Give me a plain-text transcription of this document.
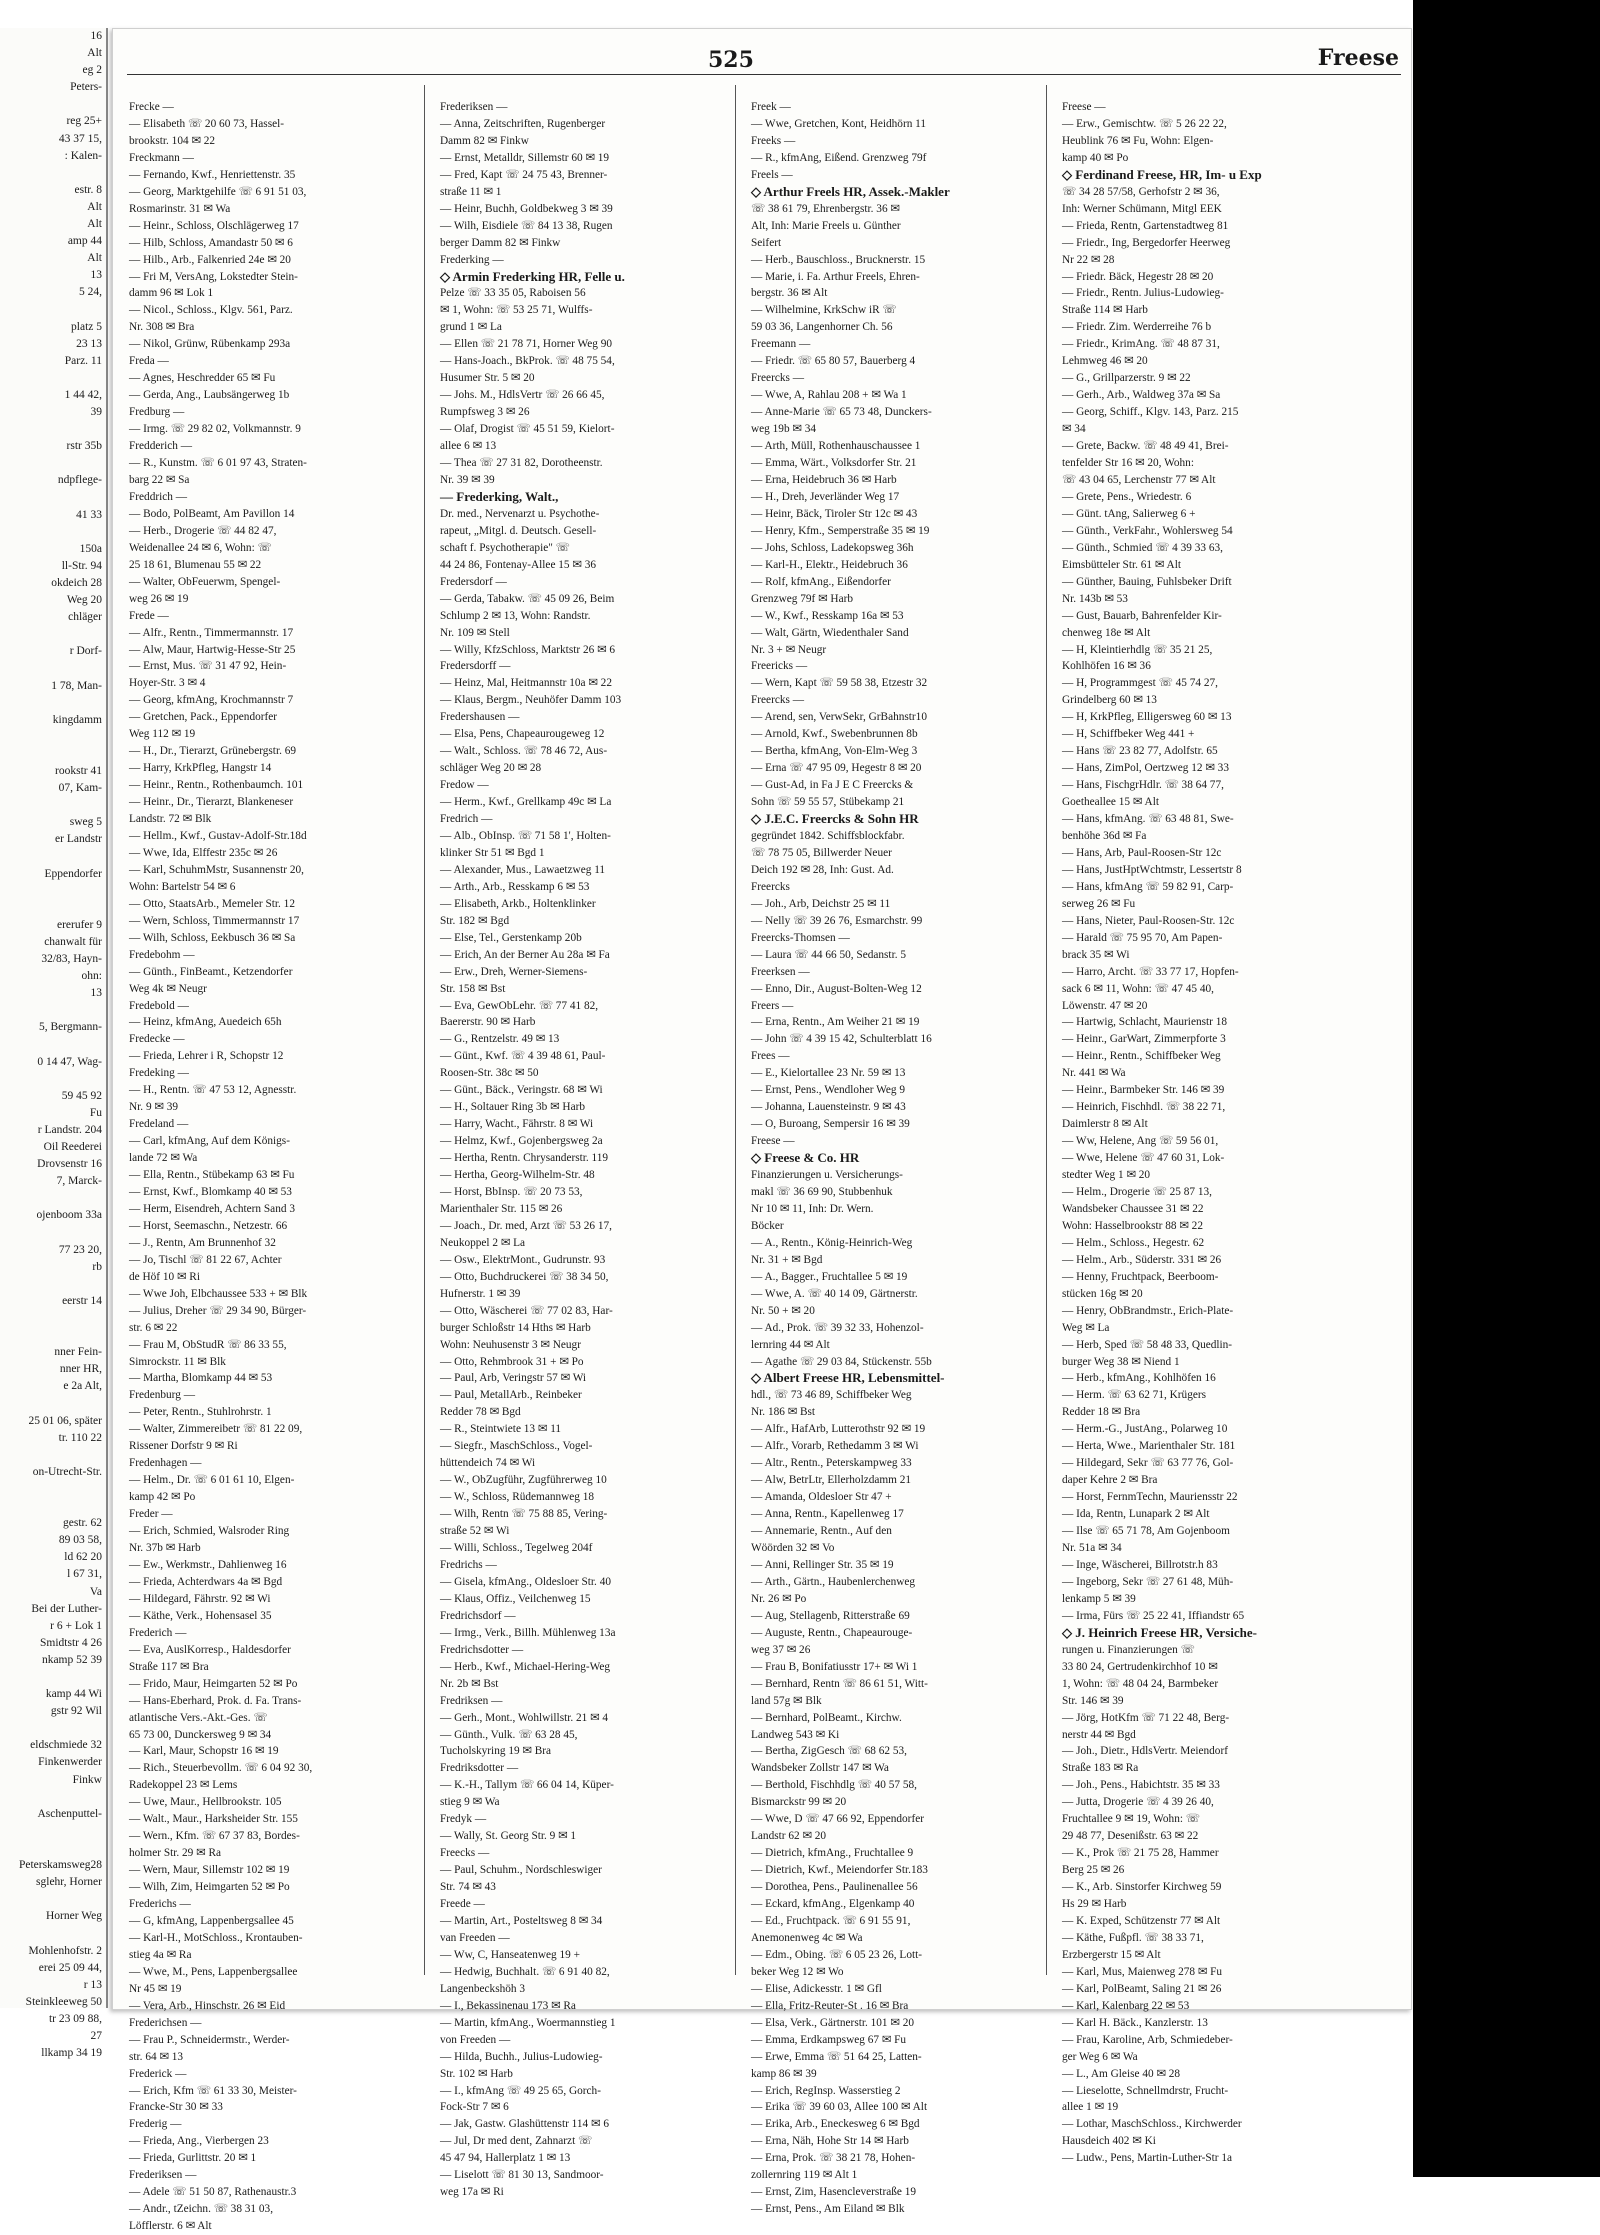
16
Alt
eg 2
Peters-

reg 25+
43 37 15,
: Kalen-

estr. 8
Alt
Alt
amp 44
Alt
13
5 24,

platz 5
23 13
Parz. 11

1 44 42,
39

rstr 35b

ndpflege-

41 33

150a
ll-Str. 94
okdeich 28
Weg 20
chläger

r Dorf-

1 78, Man-

kingdamm

rookstr 41
07, Kam-

sweg 5
er Landstr

Eppendorfer

ererufer 9
chanwalt für
32/83, Hayn-
ohn:
13

5, Bergmann-

0 14 47, Wag-

59 45 92
Fu
r Landstr. 204
Oil Reederei
Drovsenstr 16
7, Marck-

ojenboom 33a

77 23 20,
rb

eerstr 14

nner Fein-
nner HR,
e 2a Alt,

25 01 06, später
tr. 110 22

on-Utrecht-Str.

gestr. 62
89 03 58,
ld 62 20
l 67 31,
Va
Bei der Luther-
r 6 + Lok 1
Smidtstr 4 26
nkamp 52 39

kamp 44 Wi
gstr 92 Wil

eldschmiede 32
Finkenwerder
Finkw

Aschenputtel-

Peterskamsweg28
sglehr, Horner

Horner Weg

Mohlenhofstr. 2
erei 25 09 44,
r 13
Steinkleeweg 50
tr 23 09 88,
27
llkamp 34 19
525	Freese
Frecke —
— Elisabeth ☏ 20 60 73, Hassel-
brookstr. 104 ✉ 22
Freckmann —
— Fernando, Kwf., Henriettenstr. 35
— Georg, Marktgehilfe ☏ 6 91 51 03,
Rosmarinstr. 31 ✉ Wa
— Heinr., Schloss, Olschlägerweg 17
— Hilb, Schloss, Amandastr 50 ✉ 6
— Hilb., Arb., Falkenried 24e ✉ 20
— Fri M, VersAng, Lokstedter Stein-
damm 96 ✉ Lok 1
— Nicol., Schloss., Klgv. 561, Parz.
Nr. 308 ✉ Bra
— Nikol, Grünw, Rübenkamp 293a
Freda —
— Agnes, Heschredder 65 ✉ Fu
— Gerda, Ang., Laubsängerweg 1b
Fredburg —
— Irmg. ☏ 29 82 02, Volkmannstr. 9
Fredderich —
— R., Kunstm. ☏ 6 01 97 43, Straten-
barg 22 ✉ Sa
Freddrich —
— Bodo, PolBeamt, Am Pavillon 14
— Herb., Drogerie ☏ 44 82 47,
Weidenallee 24 ✉ 6, Wohn: ☏
25 18 61, Blumenau 55 ✉ 22
— Walter, ObFeuerwm, Spengel-
weg 26 ✉ 19
Frede —
— Alfr., Rentn., Timmermannstr. 17
— Alw, Maur, Hartwig-Hesse-Str 25
— Ernst, Mus. ☏ 31 47 92, Hein-
Hoyer-Str. 3 ✉ 4
— Georg, kfmAng, Krochmannstr 7
— Gretchen, Pack., Eppendorfer
Weg 112 ✉ 19
— H., Dr., Tierarzt, Grünebergstr. 69
— Harry, KrkPfleg, Hangstr 14
— Heinr., Rentn., Rothenbaumch. 101
— Heinr., Dr., Tierarzt, Blankeneser
Landstr. 72 ✉ Blk
— Hellm., Kwf., Gustav-Adolf-Str.18d
— Wwe, Ida, Elffestr 235c ✉ 26
— Karl, SchuhmMstr, Susannenstr 20,
Wohn: Bartelstr 54 ✉ 6
— Otto, StaatsArb., Memeler Str. 12
— Wern, Schloss, Timmermannstr 17
— Wilh, Schloss, Eekbusch 36 ✉ Sa
Fredebohm —
— Günth., FinBeamt., Ketzendorfer
Weg 4k ✉ Neugr
Fredebold —
— Heinz, kfmAng, Auedeich 65h
Fredecke —
— Frieda, Lehrer i R, Schopstr 12
Fredeking —
— H., Rentn. ☏ 47 53 12, Agnesstr.
Nr. 9 ✉ 39
Fredeland —
— Carl, kfmAng, Auf dem Königs-
lande 72 ✉ Wa
— Ella, Rentn., Stübekamp 63 ✉ Fu
— Ernst, Kwf., Blomkamp 40 ✉ 53
— Herm, Eisendreh, Achtern Sand 3
— Horst, Seemaschn., Netzestr. 66
— J., Rentn, Am Brunnenhof 32
— Jo, Tischl ☏ 81 22 67, Achter
de Höf 10 ✉ Ri
— Wwe Joh, Elbchaussee 533 + ✉ Blk
— Julius, Dreher ☏ 29 34 90, Bürger-
str. 6 ✉ 22
— Frau M, ObStudR ☏ 86 33 55,
Simrockstr. 11 ✉ Blk
— Martha, Blomkamp 44 ✉ 53
Fredenburg —
— Peter, Rentn., Stuhlrohrstr. 1
— Walter, Zimmereibetr ☏ 81 22 09,
Rissener Dorfstr 9 ✉ Ri
Fredenhagen —
— Helm., Dr. ☏ 6 01 61 10, Elgen-
kamp 42 ✉ Po
Freder —
— Erich, Schmied, Walsroder Ring
Nr. 37b ✉ Harb
— Ew., Werkmstr., Dahlienweg 16
— Frieda, Achterdwars 4a ✉ Bgd
— Hildegard, Fährstr. 92 ✉ Wi
— Käthe, Verk., Hohensasel 35
Frederich —
— Eva, AuslKorresp., Haldesdorfer
Straße 117 ✉ Bra
— Frido, Maur, Heimgarten 52 ✉ Po
— Hans-Eberhard, Prok. d. Fa. Trans-
atlantische Vers.-Akt.-Ges. ☏
65 73 00, Dunckersweg 9 ✉ 34
— Karl, Maur, Schopstr 16 ✉ 19
— Rich., Steuerbevollm. ☏ 6 04 92 30,
Radekoppel 23 ✉ Lems
— Uwe, Maur., Hellbrookstr. 105
— Walt., Maur., Harksheider Str. 155
— Wern., Kfm. ☏ 67 37 83, Bordes-
holmer Str. 29 ✉ Ra
— Wern, Maur, Sillemstr 102 ✉ 19
— Wilh, Zim, Heimgarten 52 ✉ Po
Frederichs —
— G, kfmAng, Lappenbergsallee 45
— Karl-H., MotSchloss., Krontauben-
stieg 4a ✉ Ra
— Wwe, M., Pens, Lappenbergsallee
Nr 45 ✉ 19
— Vera, Arb., Hinschstr. 26 ✉ Eid
Frederichsen —
— Frau P., Schneidermstr., Werder-
str. 64 ✉ 13
Frederick —
— Erich, Kfm ☏ 61 33 30, Meister-
Francke-Str 30 ✉ 33
Frederig —
— Frieda, Ang., Vierbergen 23
— Frieda, Gurlittstr. 20 ✉ 1
Frederiksen —
— Adele ☏ 51 50 87, Rathenaustr.3
— Andr., tZeichn. ☏ 38 31 03,
Löfflerstr. 6 ✉ Alt
Frederiksen —
— Anna, Zeitschriften, Rugenberger
Damm 82 ✉ Finkw
— Ernst, Metalldr, Sillemstr 60 ✉ 19
— Fred, Kapt ☏ 24 75 43, Brenner-
straße 11 ✉ 1
— Heinr, Buchh, Goldbekweg 3 ✉ 39
— Wilh, Eisdiele ☏ 84 13 38, Rugen
berger Damm 82 ✉ Finkw
Frederking —
◇ Armin Frederking HR, Felle u.
Pelze ☏ 33 35 05, Raboisen 56
✉ 1, Wohn: ☏ 53 25 71, Wulffs-
grund 1 ✉ La
— Ellen ☏ 21 78 71, Horner Weg 90
— Hans-Joach., BkProk. ☏ 48 75 54,
Husumer Str. 5 ✉ 20
— Johs. M., HdlsVertr ☏ 26 66 45,
Rumpfsweg 3 ✉ 26
— Olaf, Drogist ☏ 45 51 59, Kielort-
allee 6 ✉ 13
— Thea ☏ 27 31 82, Dorotheenstr.
Nr. 39 ✉ 39
— Frederking, Walt.,
Dr. med., Nervenarzt u. Psychothe-
rapeut, „Mitgl. d. Deutsch. Gesell-
schaft f. Psychotherapie" ☏
44 24 86, Fontenay-Allee 15 ✉ 36
Fredersdorf —
— Gerda, Tabakw. ☏ 45 09 26, Beim
Schlump 2 ✉ 13, Wohn: Randstr.
Nr. 109 ✉ Stell
— Willy, KfzSchloss, Marktstr 26 ✉ 6
Fredersdorff —
— Heinz, Mal, Heitmannstr 10a ✉ 22
— Klaus, Bergm., Neuhöfer Damm 103
Fredershausen —
— Elsa, Pens, Chapeaurougeweg 12
— Walt., Schloss. ☏ 78 46 72, Aus-
schläger Weg 20 ✉ 28
Fredow —
— Herm., Kwf., Grellkamp 49c ✉ La
Fredrich —
— Alb., ObInsp. ☏ 71 58 1', Holten-
klinker Str 51 ✉ Bgd 1
— Alexander, Mus., Lawaetzweg 11
— Arth., Arb., Resskamp 6 ✉ 53
— Elisabeth, Arkb., Holtenklinker
Str. 182 ✉ Bgd
— Else, Tel., Gerstenkamp 20b
— Erich, An der Berner Au 28a ✉ Fa
— Erw., Dreh, Werner-Siemens-
Str. 158 ✉ Bst
— Eva, GewObLehr. ☏ 77 41 82,
Baererstr. 90 ✉ Harb
— G., Rentzelstr. 49 ✉ 13
— Günt., Kwf. ☏ 4 39 48 61, Paul-
Roosen-Str. 38c ✉ 50
— Günt., Bäck., Veringstr. 68 ✉ Wi
— H., Soltauer Ring 3b ✉ Harb
— Harry, Wacht., Fährstr. 8 ✉ Wi
— Helmz, Kwf., Gojenbergsweg 2a
— Hertha, Rentn. Chrysanderstr. 119
— Hertha, Georg-Wilhelm-Str. 48
— Horst, BbInsp. ☏ 20 73 53,
Marienthaler Str. 115 ✉ 26
— Joach., Dr. med, Arzt ☏ 53 26 17,
Neukoppel 2 ✉ La
— Osw., ElektrMont., Gudrunstr. 93
— Otto, Buchdruckerei ☏ 38 34 50,
Hufnerstr. 1 ✉ 39
— Otto, Wäscherei ☏ 77 02 83, Har-
burger Schloßstr 14 Hths ✉ Harb
Wohn: Neuhusenstr 3 ✉ Neugr
— Otto, Rehmbrook 31 + ✉ Po
— Paul, Arb, Veringstr 57 ✉ Wi
— Paul, MetallArb., Reinbeker
Redder 78 ✉ Bgd
— R., Steintwiete 13 ✉ 11
— Siegfr., MaschSchloss., Vogel-
hüttendeich 74 ✉ Wi
— W., ObZugführ, Zugführerweg 10
— W., Schloss, Rüdemannweg 18
— Wilh, Rentn ☏ 75 88 85, Vering-
straße 52 ✉ Wi
— Willi, Schloss., Tegelweg 204f
Fredrichs —
— Gisela, kfmAng., Oldesloer Str. 40
— Klaus, Offiz., Veilchenweg 15
Fredrichsdorf —
— Irmg., Verk., Billh. Mühlenweg 13a
Fredrichsdotter —
— Herb., Kwf., Michael-Hering-Weg
Nr. 2b ✉ Bst
Fredriksen —
— Gerh., Mont., Wohlwillstr. 21 ✉ 4
— Günth., Vulk. ☏ 63 28 45,
Tucholskyring 19 ✉ Bra
Fredriksdotter —
— K.-H., Tallym ☏ 66 04 14, Küper-
stieg 9 ✉ Wa
Fredyk —
— Wally, St. Georg Str. 9 ✉ 1
Freecks —
— Paul, Schuhm., Nordschleswiger
Str. 74 ✉ 43
Freede —
— Martin, Art., Posteltsweg 8 ✉ 34
van Freeden —
— Ww, C, Hanseatenweg 19 +
— Hedwig, Buchhalt. ☏ 6 91 40 82,
Langenbeckshöh 3
— I., Bekassinenau 173 ✉ Ra
— Martin, kfmAng., Woermannstieg 1
von Freeden —
— Hilda, Buchh., Julius-Ludowieg-
Str. 102 ✉ Harb
— I., kfmAng ☏ 49 25 65, Gorch-
Fock-Str 7 ✉ 6
— Jak, Gastw. Glashüttenstr 114 ✉ 6
— Jul, Dr med dent, Zahnarzt ☏
45 47 94, Hallerplatz 1 ✉ 13
— Liselott ☏ 81 30 13, Sandmoor-
weg 17a ✉ Ri
Freek —
— Wwe, Gretchen, Kont, Heidhörn 11
Freeks —
— R., kfmAng, Eißend. Grenzweg 79f
Freels —
◇ Arthur Freels HR, Assek.-Makler
☏ 38 61 79, Ehrenbergstr. 36 ✉
Alt, Inh: Marie Freels u. Günther
Seifert
— Herb., Bauschloss., Brucknerstr. 15
— Marie, i. Fa. Arthur Freels, Ehren-
bergstr. 36 ✉ Alt
— Wilhelmine, KrkSchw iR ☏
59 03 36, Langenhorner Ch. 56
Freemann —
— Friedr. ☏ 65 80 57, Bauerberg 4
Freercks —
— Wwe, A, Rahlau 208 + ✉ Wa 1
— Anne-Marie ☏ 65 73 48, Dunckers-
weg 19b ✉ 34
— Arth, Müll, Rothenhauschaussee 1
— Emma, Wärt., Volksdorfer Str. 21
— Erna, Heidebruch 36 ✉ Harb
— H., Dreh, Jeverländer Weg 17
— Heinr, Bäck, Tiroler Str 12c ✉ 43
— Henry, Kfm., Semperstraße 35 ✉ 19
— Johs, Schloss, Ladekopsweg 36h
— Karl-H., Elektr., Heidebruch 36
— Rolf, kfmAng., Eißendorfer
Grenzweg 79f ✉ Harb
— W., Kwf., Resskamp 16a ✉ 53
— Walt, Gärtn, Wiedenthaler Sand
Nr. 3 + ✉ Neugr
Freericks —
— Wern, Kapt ☏ 59 58 38, Etzestr 32
Freercks —
— Arend, sen, VerwSekr, GrBahnstr10
— Arnold, Kwf., Swebenbrunnen 8b
— Bertha, kfmAng, Von-Elm-Weg 3
— Erna ☏ 47 95 09, Hegestr 8 ✉ 20
— Gust-Ad, in Fa J E C Freercks &
Sohn ☏ 59 55 57, Stübekamp 21
◇ J.E.C. Freercks & Sohn HR
gegründet 1842. Schiffsblockfabr.
☏ 78 75 05, Billwerder Neuer
Deich 192 ✉ 28, Inh: Gust. Ad.
Freercks
— Joh., Arb, Deichstr 25 ✉ 11
— Nelly ☏ 39 26 76, Esmarchstr. 99
Freercks-Thomsen —
— Laura ☏ 44 66 50, Sedanstr. 5
Freerksen —
— Enno, Dir., August-Bolten-Weg 12
Freers —
— Erna, Rentn., Am Weiher 21 ✉ 19
— John ☏ 4 39 15 42, Schulterblatt 16
Frees —
— E., Kielortallee 23 Nr. 59 ✉ 13
— Ernst, Pens., Wendloher Weg 9
— Johanna, Lauensteinstr. 9 ✉ 43
— O, Buroang, Sempersir 16 ✉ 39
Freese —
◇ Freese & Co. HR
Finanzierungen u. Versicherungs-
makl ☏ 36 69 90, Stubbenhuk
Nr 10 ✉ 11, Inh: Dr. Wern.
Böcker
— A., Rentn., König-Heinrich-Weg
Nr. 31 + ✉ Bgd
— A., Bagger., Fruchtallee 5 ✉ 19
— Wwe, A. ☏ 40 14 09, Gärtnerstr.
Nr. 50 + ✉ 20
— Ad., Prok. ☏ 39 32 33, Hohenzol-
lernring 44 ✉ Alt
— Agathe ☏ 29 03 84, Stückenstr. 55b
◇ Albert Freese HR, Lebensmittel-
hdl., ☏ 73 46 89, Schiffbeker Weg
Nr. 186 ✉ Bst
— Alfr., HafArb, Lutterothstr 92 ✉ 19
— Alfr., Vorarb, Rethedamm 3 ✉ Wi
— Altr., Rentn., Peterskampweg 33
— Alw, BetrLtr, Ellerholzdamm 21
— Amanda, Oldesloer Str 47 +
— Anna, Rentn., Kapellenweg 17
— Annemarie, Rentn., Auf den
Wöörden 32 ✉ Vo
— Anni, Rellinger Str. 35 ✉ 19
— Arth., Gärtn., Haubenlerchenweg
Nr. 26 ✉ Po
— Aug, Stellagenb, Ritterstraße 69
— Auguste, Rentn., Chapeaurouge-
weg 37 ✉ 26
— Frau B, Bonifatiusstr 17+ ✉ Wi 1
— Bernhard, Rentn ☏ 86 61 51, Witt-
land 57g ✉ Blk
— Bernhard, PolBeamt., Kirchw.
Landweg 543 ✉ Ki
— Bertha, ZigGesch ☏ 68 62 53,
Wandsbeker Zollstr 147 ✉ Wa
— Berthold, Fischhdlg ☏ 40 57 58,
Bismarckstr 99 ✉ 20
— Wwe, D ☏ 47 66 92, Eppendorfer
Landstr 62 ✉ 20
— Dietrich, kfmAng., Fruchtallee 9
— Dietrich, Kwf., Meiendorfer Str.183
— Dorothea, Pens., Paulinenallee 56
— Eckard, kfmAng., Elgenkamp 40
— Ed., Fruchtpack. ☏ 6 91 55 91,
Anemonenweg 4c ✉ Wa
— Edm., Obing. ☏ 6 05 23 26, Lott-
beker Weg 12 ✉ Wo
— Elise, Adickesstr. 1 ✉ Gfl
— Ella, Fritz-Reuter-St . 16 ✉ Bra
— Elsa, Verk., Gärtnerstr. 101 ✉ 20
— Emma, Erdkampsweg 67 ✉ Fu
— Erwe, Emma ☏ 51 64 25, Latten-
kamp 86 ✉ 39
— Erich, RegInsp. Wasserstieg 2
— Erika ☏ 39 60 03, Allee 100 ✉ Alt
— Erika, Arb., Eneckesweg 6 ✉ Bgd
— Erna, Näh, Hohe Str 14 ✉ Harb
— Erna, Prok. ☏ 38 21 78, Hohen-
zollernring 119 ✉ Alt 1
— Ernst, Zim, Hasencleverstraße 19
— Ernst, Pens., Am Eiland ✉ Blk
Freese —
— Erw., Gemischtw. ☏ 5 26 22 22,
Heublink 76 ✉ Fu, Wohn: Elgen-
kamp 40 ✉ Po
◇ Ferdinand Freese, HR, Im- u Exp
☏ 34 28 57/58, Gerhofstr 2 ✉ 36,
Inh: Werner Schümann, Mitgl EEK
— Frieda, Rentn, Gartenstadtweg 81
— Friedr., Ing, Bergedorfer Heerweg
Nr 22 ✉ 28
— Friedr. Bäck, Hegestr 28 ✉ 20
— Friedr., Rentn. Julius-Ludowieg-
Straße 114 ✉ Harb
— Friedr. Zim. Werderreihe 76 b
— Friedr., KrimAng. ☏ 48 87 31,
Lehmweg 46 ✉ 20
— G., Grillparzerstr. 9 ✉ 22
— Gerh., Arb., Waldweg 37a ✉ Sa
— Georg, Schiff., Klgv. 143, Parz. 215
✉ 34
— Grete, Backw. ☏ 48 49 41, Brei-
tenfelder Str 16 ✉ 20, Wohn:
☏ 43 04 65, Lerchenstr 77 ✉ Alt
— Grete, Pens., Wriedestr. 6
— Günt. tAng, Salierweg 6 +
— Günth., VerkFahr., Wohlersweg 54
— Günth., Schmied ☏ 4 39 33 63,
Eimsbütteler Str. 61 ✉ Alt
— Günther, Bauing, Fuhlsbeker Drift
Nr. 143b ✉ 53
— Gust, Bauarb, Bahrenfelder Kir-
chenweg 18e ✉ Alt
— H, Kleintierhdlg ☏ 35 21 25,
Kohlhöfen 16 ✉ 36
— H, Programmgest ☏ 45 74 27,
Grindelberg 60 ✉ 13
— H, KrkPfleg, Elligersweg 60 ✉ 13
— H, Schiffbeker Weg 441 +
— Hans ☏ 23 82 77, Adolfstr. 65
— Hans, ZimPol, Oertzweg 12 ✉ 33
— Hans, FischgrHdlr. ☏ 38 64 77,
Goetheallee 15 ✉ Alt
— Hans, kfmAng. ☏ 63 48 81, Swe-
benhöhe 36d ✉ Fa
— Hans, Arb, Paul-Roosen-Str 12c
— Hans, JustHptWchtmstr, Lessertstr 8
— Hans, kfmAng ☏ 59 82 91, Carp-
serweg 26 ✉ Fu
— Hans, Nieter, Paul-Roosen-Str. 12c
— Harald ☏ 75 95 70, Am Papen-
brack 35 ✉ Wi
— Harro, Archt. ☏ 33 77 17, Hopfen-
sack 6 ✉ 11, Wohn: ☏ 47 45 40,
Löwenstr. 47 ✉ 20
— Hartwig, Schlacht, Maurienstr 18
— Heinr., GarWart, Zimmerpforte 3
— Heinr., Rentn., Schiffbeker Weg
Nr. 441 ✉ Wa
— Heinr., Barmbeker Str. 146 ✉ 39
— Heinrich, Fischhdl. ☏ 38 22 71,
Daimlerstr 8 ✉ Alt
— Ww, Helene, Ang ☏ 59 56 01,
— Wwe, Helene ☏ 47 60 31, Lok-
stedter Weg 1 ✉ 20
— Helm., Drogerie ☏ 25 87 13,
Wandsbeker Chaussee 31 ✉ 22
Wohn: Hasselbrookstr 88 ✉ 22
— Helm., Schloss., Hegestr. 62
— Helm., Arb., Süderstr. 331 ✉ 26
— Henny, Fruchtpack, Beerboom-
stücken 16g ✉ 20
— Henry, ObBrandmstr., Erich-Plate-
Weg ✉ La
— Herb, Sped ☏ 58 48 33, Quedlin-
burger Weg 38 ✉ Niend 1
— Herb., kfmAng., Kohlhöfen 16
— Herm. ☏ 63 62 71, Krügers
Redder 18 ✉ Bra
— Herm.-G., JustAng., Polarweg 10
— Herta, Wwe., Marienthaler Str. 181
— Hildegard, Sekr ☏ 63 77 76, Gol-
daper Kehre 2 ✉ Bra
— Horst, FernmTechn, Mauriensstr 22
— Ida, Rentn, Lunapark 2 ✉ Alt
— Ilse ☏ 65 71 78, Am Gojenboom
Nr. 51a ✉ 34
— Inge, Wäscherei, Billrotstr.h 83
— Ingeborg, Sekr ☏ 27 61 48, Müh-
lenkamp 5 ✉ 39
— Irma, Fürs ☏ 25 22 41, Iffiandstr 65
◇ J. Heinrich Freese HR, Versiche-
rungen u. Finanzierungen ☏
33 80 24, Gertrudenkirchhof 10 ✉
1, Wohn: ☏ 48 04 24, Barmbeker
Str. 146 ✉ 39
— Jörg, HotKfm ☏ 71 22 48, Berg-
nerstr 44 ✉ Bgd
— Joh., Dietr., HdlsVertr. Meiendorf
Straße 183 ✉ Ra
— Joh., Pens., Habichtstr. 35 ✉ 33
— Jutta, Drogerie ☏ 4 39 26 40,
Fruchtallee 9 ✉ 19, Wohn: ☏
29 48 77, Desenißstr. 63 ✉ 22
— K., Prok ☏ 21 75 28, Hammer
Berg 25 ✉ 26
— K., Arb. Sinstorfer Kirchweg 59
Hs 29 ✉ Harb
— K. Exped, Schützenstr 77 ✉ Alt
— Käthe, Fußpfl. ☏ 38 33 71,
Erzbergerstr 15 ✉ Alt
— Karl, Mus, Maienweg 278 ✉ Fu
— Karl, PolBeamt, Saling 21 ✉ 26
— Karl, Kalenbarg 22 ✉ 53
— Karl H. Bäck., Kanzlerstr. 13
— Frau, Karoline, Arb, Schmiedeber-
ger Weg 6 ✉ Wa
— L., Am Gleise 40 ✉ 28
— Lieselotte, Schnellmdrstr, Frucht-
allee 1 ✉ 19
— Lothar, MaschSchloss., Kirchwerder
Hausdeich 402 ✉ Ki
— Ludw., Pens, Martin-Luther-Str 1a
